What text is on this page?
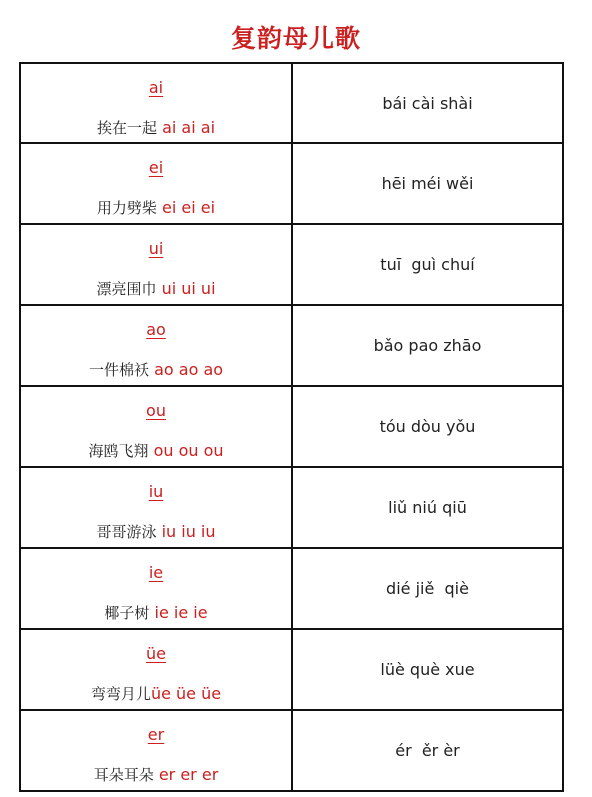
复韵母儿歌
ai
挨在一起 ai ai ai
bái cài shài
ei
用力劈柴 ei ei ei
hēi méi wěi
ui
漂亮围巾 ui ui ui
tuī  guì chuí
ao
一件棉袄 ao ao ao
bǎo pao zhāo
ou
海鸥飞翔 ou ou ou
tóu dòu yǒu
iu
哥哥游泳 iu iu iu
liǔ niú qiū
ie
椰子树 ie ie ie
dié jiě  qiè
üe
弯弯月儿üe üe üe
lüè què xue
er
耳朵耳朵 er er er
ér  ěr èr
